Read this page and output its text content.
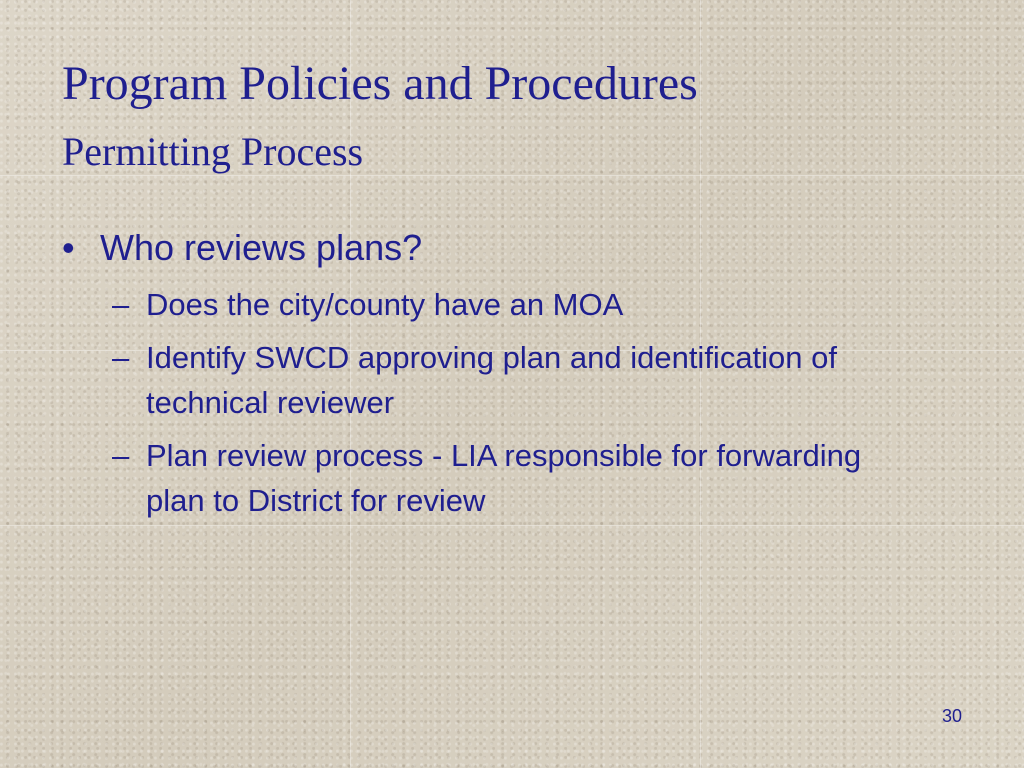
Program Policies and Procedures
Permitting Process
• Who reviews plans?
– Does the city/county have an MOA
– Identify SWCD approving plan and identification of technical reviewer
– Plan review process - LIA responsible for forwarding plan to District for review
30
